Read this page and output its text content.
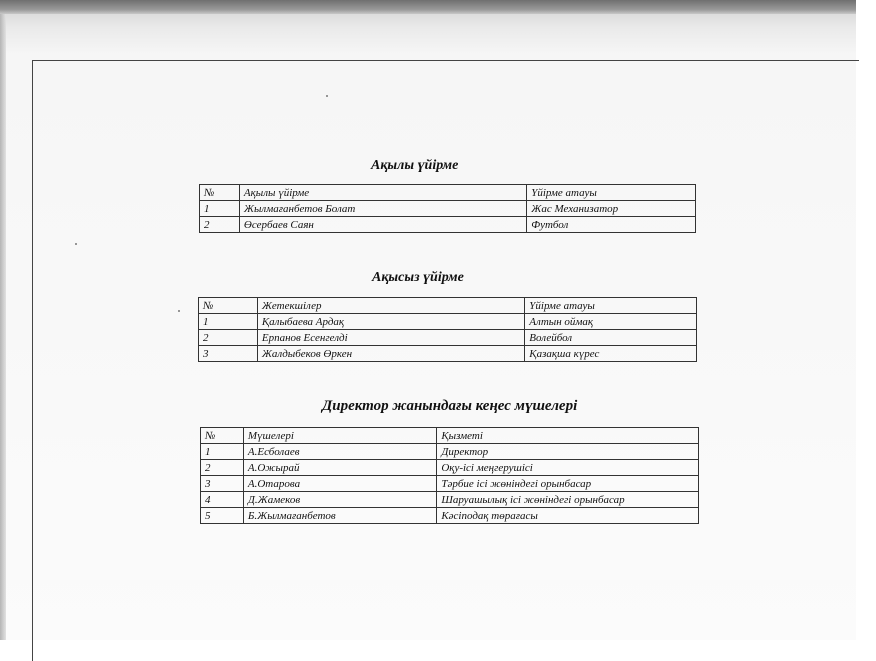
Ақылы үйірме
№	Ақылы үйірме	Үйірме атауы
1	Жылмағанбетов Болат	Жас Механизатор
2	Өсербаев Саян	Футбол
Ақысыз үйірме
№	Жетекшілер	Үйірме атауы
1	Қалыбаева Ардақ	Алтын оймақ
2	Ерпанов Есенгелді	Волейбол
3	Жалдыбеков Өркен	Қазақша күрес
Директор жанындағы кеңес мүшелері
№	Мүшелері	Қызметі
1	А.Есболаев	Директор
2	А.Ожырай	Оқу-ісі меңгерушісі
3	А.Отарова	Тәрбие ісі жөніндегі орынбасар
4	Д.Жамеков	Шаруашылық ісі жөніндегі орынбасар
5	Б.Жылмағанбетов	Кәсіподақ төрағасы
